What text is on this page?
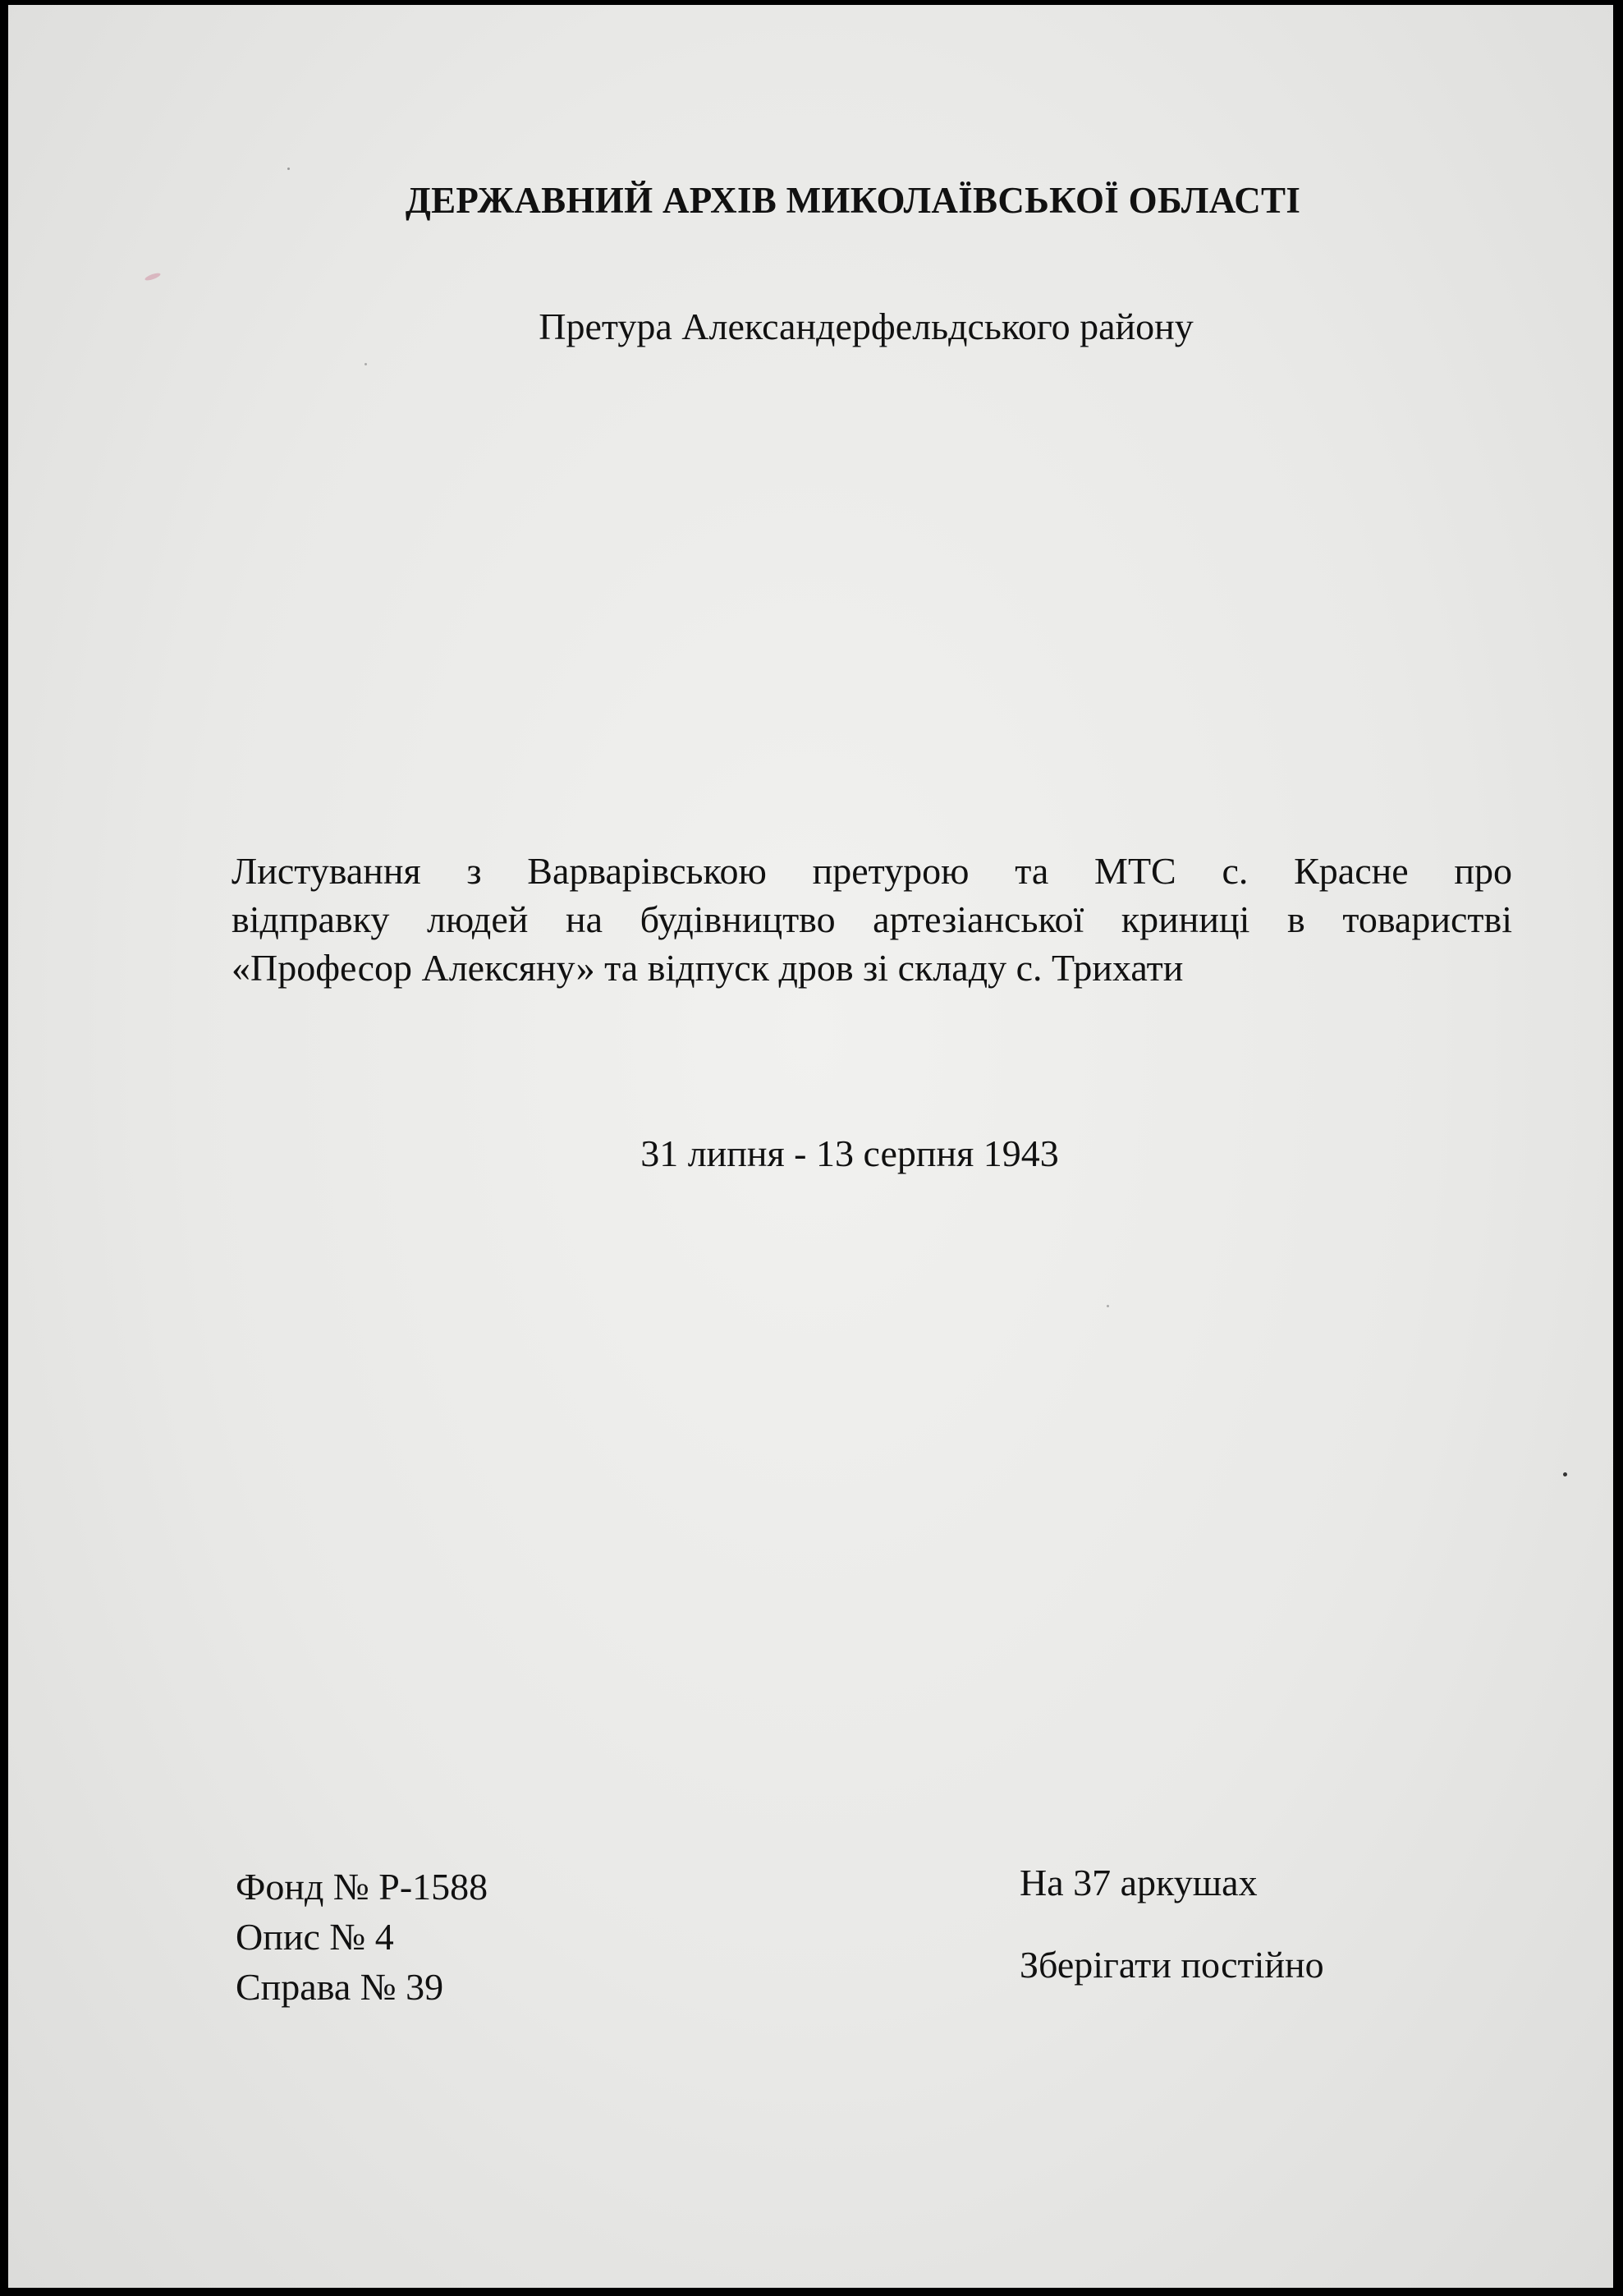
ДЕРЖАВНИЙ АРХІВ МИКОЛАЇВСЬКОЇ ОБЛАСТІ
Претура Александерфельдського району
Листування з Варварівською претурою та МТС с. Красне про
відправку людей на будівництво артезіанської криниці в товаристві
«Професор Алексяну» та відпуск дров зі складу с. Трихати
31 липня - 13 серпня 1943
Фонд № Р-1588
Опис № 4
Справа № 39
На 37 аркушах
Зберігати постійно
